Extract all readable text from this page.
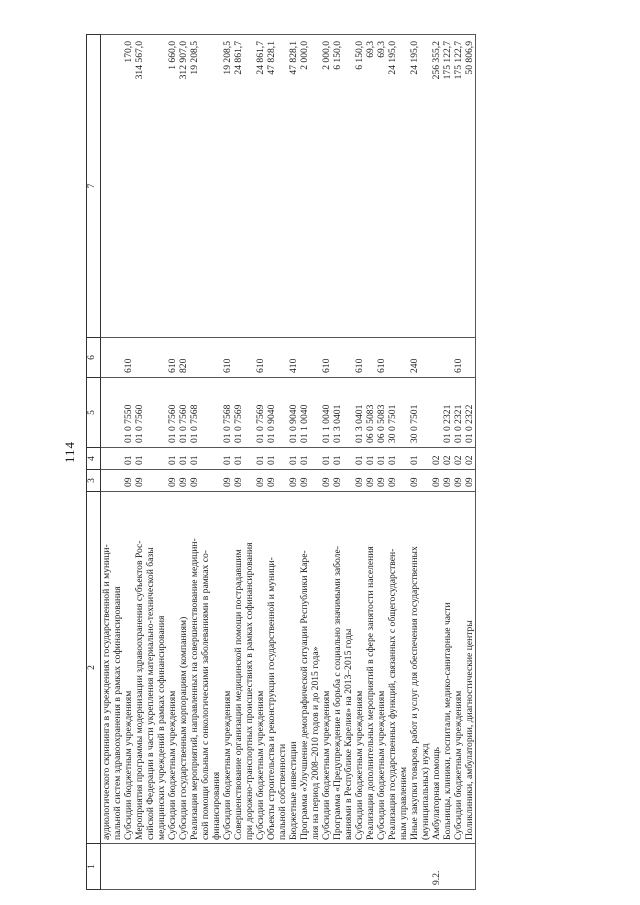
114
1	2	3	4	5	6	7
	аудиологического скрининга в учреждениях государственной и муници-					
	пальной систем здравоохранения в рамках софинансирования					
	Субсидии бюджетным учреждениям	09	01	01 0 7550	610	170,0
	Мероприятия программы модернизации здравоохранения субъектов Рос-	09	01	01 0 7560		314 567,0
	сийской Федерации в части укрепления материально-технической базы					
	медицинских учреждений в рамках софинансирования					
	Субсидии бюджетным учреждениям	09	01	01 0 7560	610	1 660,0
	Субсидии государственным корпорациям (компаниям)	09	01	01 0 7560	820	312 907,0
	Реализация мероприятий, направленных на совершенствование медицин-	09	01	01 0 7568		19 208,5
	ской помощи больным с онкологическими заболеваниями в рамках со-					
	финансирования					
	Субсидии бюджетным учреждениям	09	01	01 0 7568	610	19 208,5
	Совершенствование организации медицинской помощи пострадавшим	09	01	01 0 7569		24 861,7
	при дорожно-транспортных происшествиях в рамках софинансирования					
	Субсидии бюджетным учреждениям	09	01	01 0 7569	610	24 861,7
	Объекты строительства и реконструкции государственной и муници-	09	01	01 0 9040		47 828,1
	пальной собственности					
	Бюджетные инвестиции	09	01	01 0 9040	410	47 828,1
	Программа «Улучшение демографической ситуации Республики Каре-	09	01	01 1 0040		2 000,0
	лия на период 2008–2010 годов и до 2015 года»					
	Субсидии бюджетным учреждениям	09	01	01 1 0040	610	2 000,0
	Программа «Предупреждение и борьба с социально значимыми заболе-	09	01	01 3 0401		6 150,0
	ваниями в Республике Карелия» на 2013–2015 годы					
	Субсидии бюджетным учреждениям	09	01	01 3 0401	610	6 150,0
	Реализация дополнительных мероприятий в сфере занятости населения	09	01	06 0 5083		69,3
	Субсидии бюджетным учреждениям	09	01	06 0 5083	610	69,3
	Реализация государственных функций, связанных с общегосударствен-	09	01	30 0 7501		24 195,0
	ным управлением					
	Иные закупки товаров, работ и услуг для обеспечения государственных	09	01	30 0 7501	240	24 195,0
	(муниципальных) нужд					
9.2.	Амбулаторная помощь	09	02			256 355,2
	Больницы, клиники, госпитали, медико-санитарные части	09	02	01 0 2321		175 122,7
	Субсидии бюджетным учреждениям	09	02	01 0 2321	610	175 122,7
	Поликлиники, амбулатории, диагностические центры	09	02	01 0 2322		50 806,9
